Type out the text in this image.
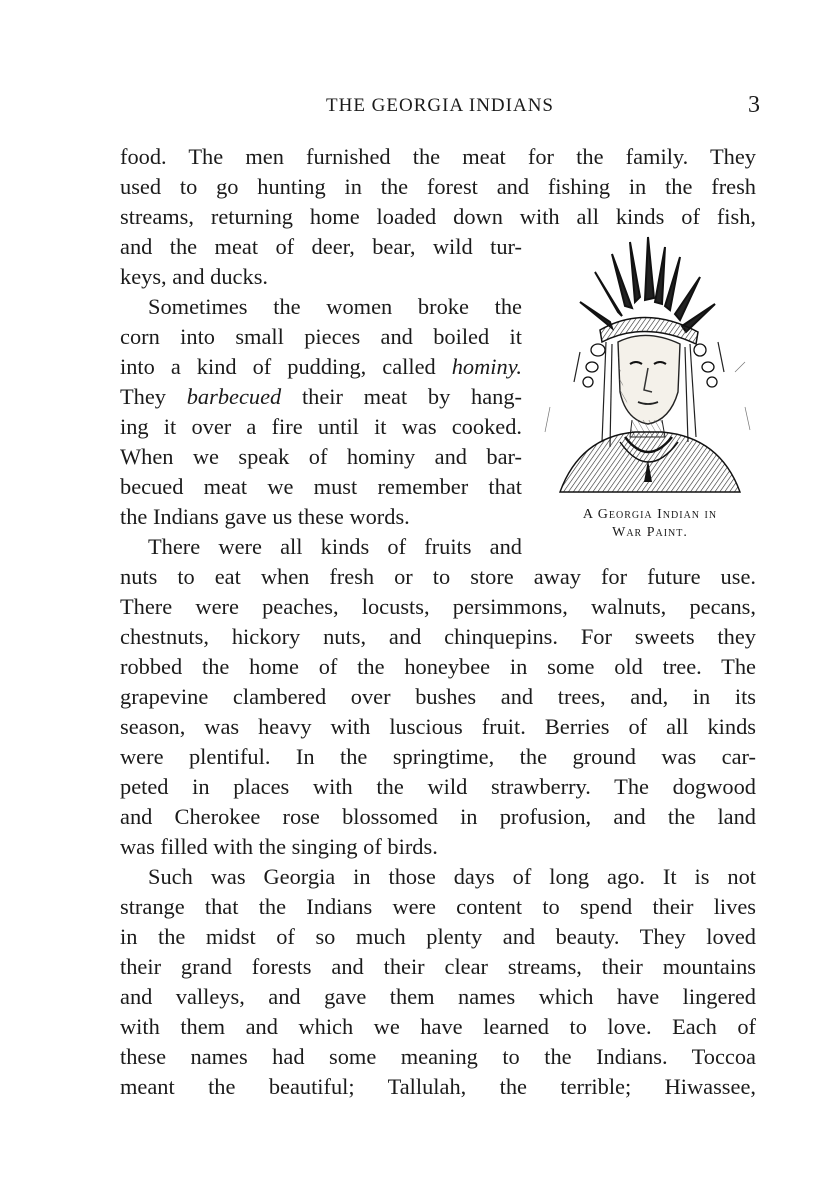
THE GEORGIA INDIANS	3
food. The men furnished the meat for the family. They
used to go hunting in the forest and fishing in the fresh
streams, returning home loaded down with all kinds of fish,
and the meat of deer, bear, wild tur-
keys, and ducks.
Sometimes the women broke the
corn into small pieces and boiled it
into a kind of pudding, called hominy.
They barbecued their meat by hang-
ing it over a fire until it was cooked.
When we speak of hominy and bar-
becued meat we must remember that
the Indians gave us these words.
There were all kinds of fruits and
nuts to eat when fresh or to store away for future use.
There were peaches, locusts, persimmons, walnuts, pecans,
chestnuts, hickory nuts, and chinquepins. For sweets they
robbed the home of the honeybee in some old tree. The
grapevine clambered over bushes and trees, and, in its
season, was heavy with luscious fruit. Berries of all kinds
were plentiful. In the springtime, the ground was car-
peted in places with the wild strawberry. The dogwood
and Cherokee rose blossomed in profusion, and the land
was filled with the singing of birds.
Such was Georgia in those days of long ago. It is not
strange that the Indians were content to spend their lives
in the midst of so much plenty and beauty. They loved
their grand forests and their clear streams, their mountains
and valleys, and gave them names which have lingered
with them and which we have learned to love. Each of
these names had some meaning to the Indians. Toccoa
meant the beautiful; Tallulah, the terrible; Hiwassee,
A Georgia Indian in
War Paint.
